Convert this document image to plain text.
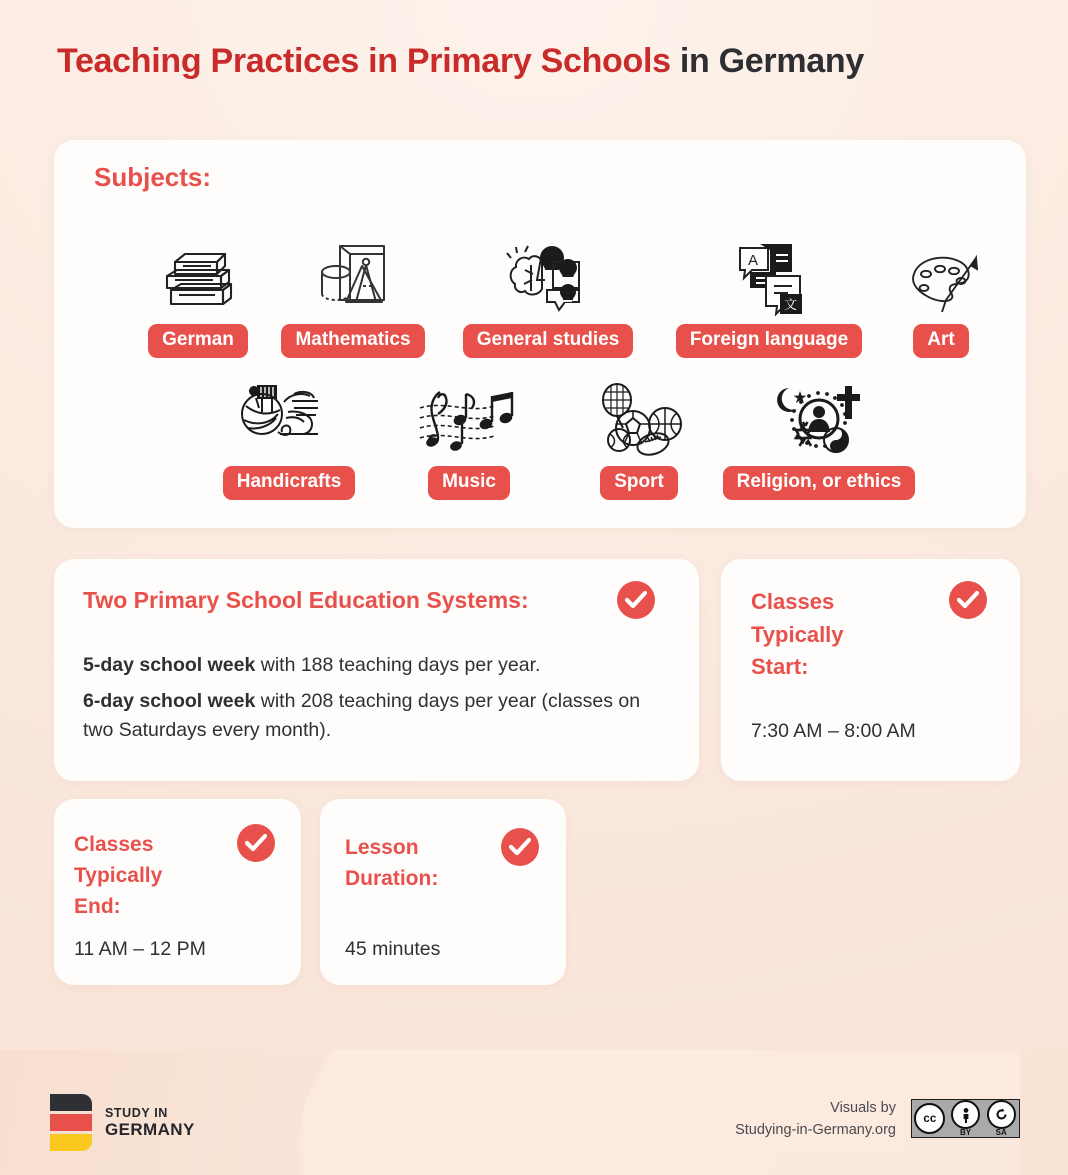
Teaching Practices in Primary Schools in Germany
Subjects:
German	Mathematics	General studies
A
文
Foreign language	Art
Handicrafts	Music	Sport	Religion, or ethics
Two Primary School Education Systems:
5-day school week with 188 teaching days per year.
6-day school week with 208 teaching days per year (classes on two Saturdays every month).
Classes Typically Start:
7:30 AM – 8:00 AM
Classes Typically End:
11 AM – 12 PM
Lesson Duration:
45 minutes
STUDY IN
GERMANY
Visuals by
Studying-in-Germany.org
cc
BY	SA
